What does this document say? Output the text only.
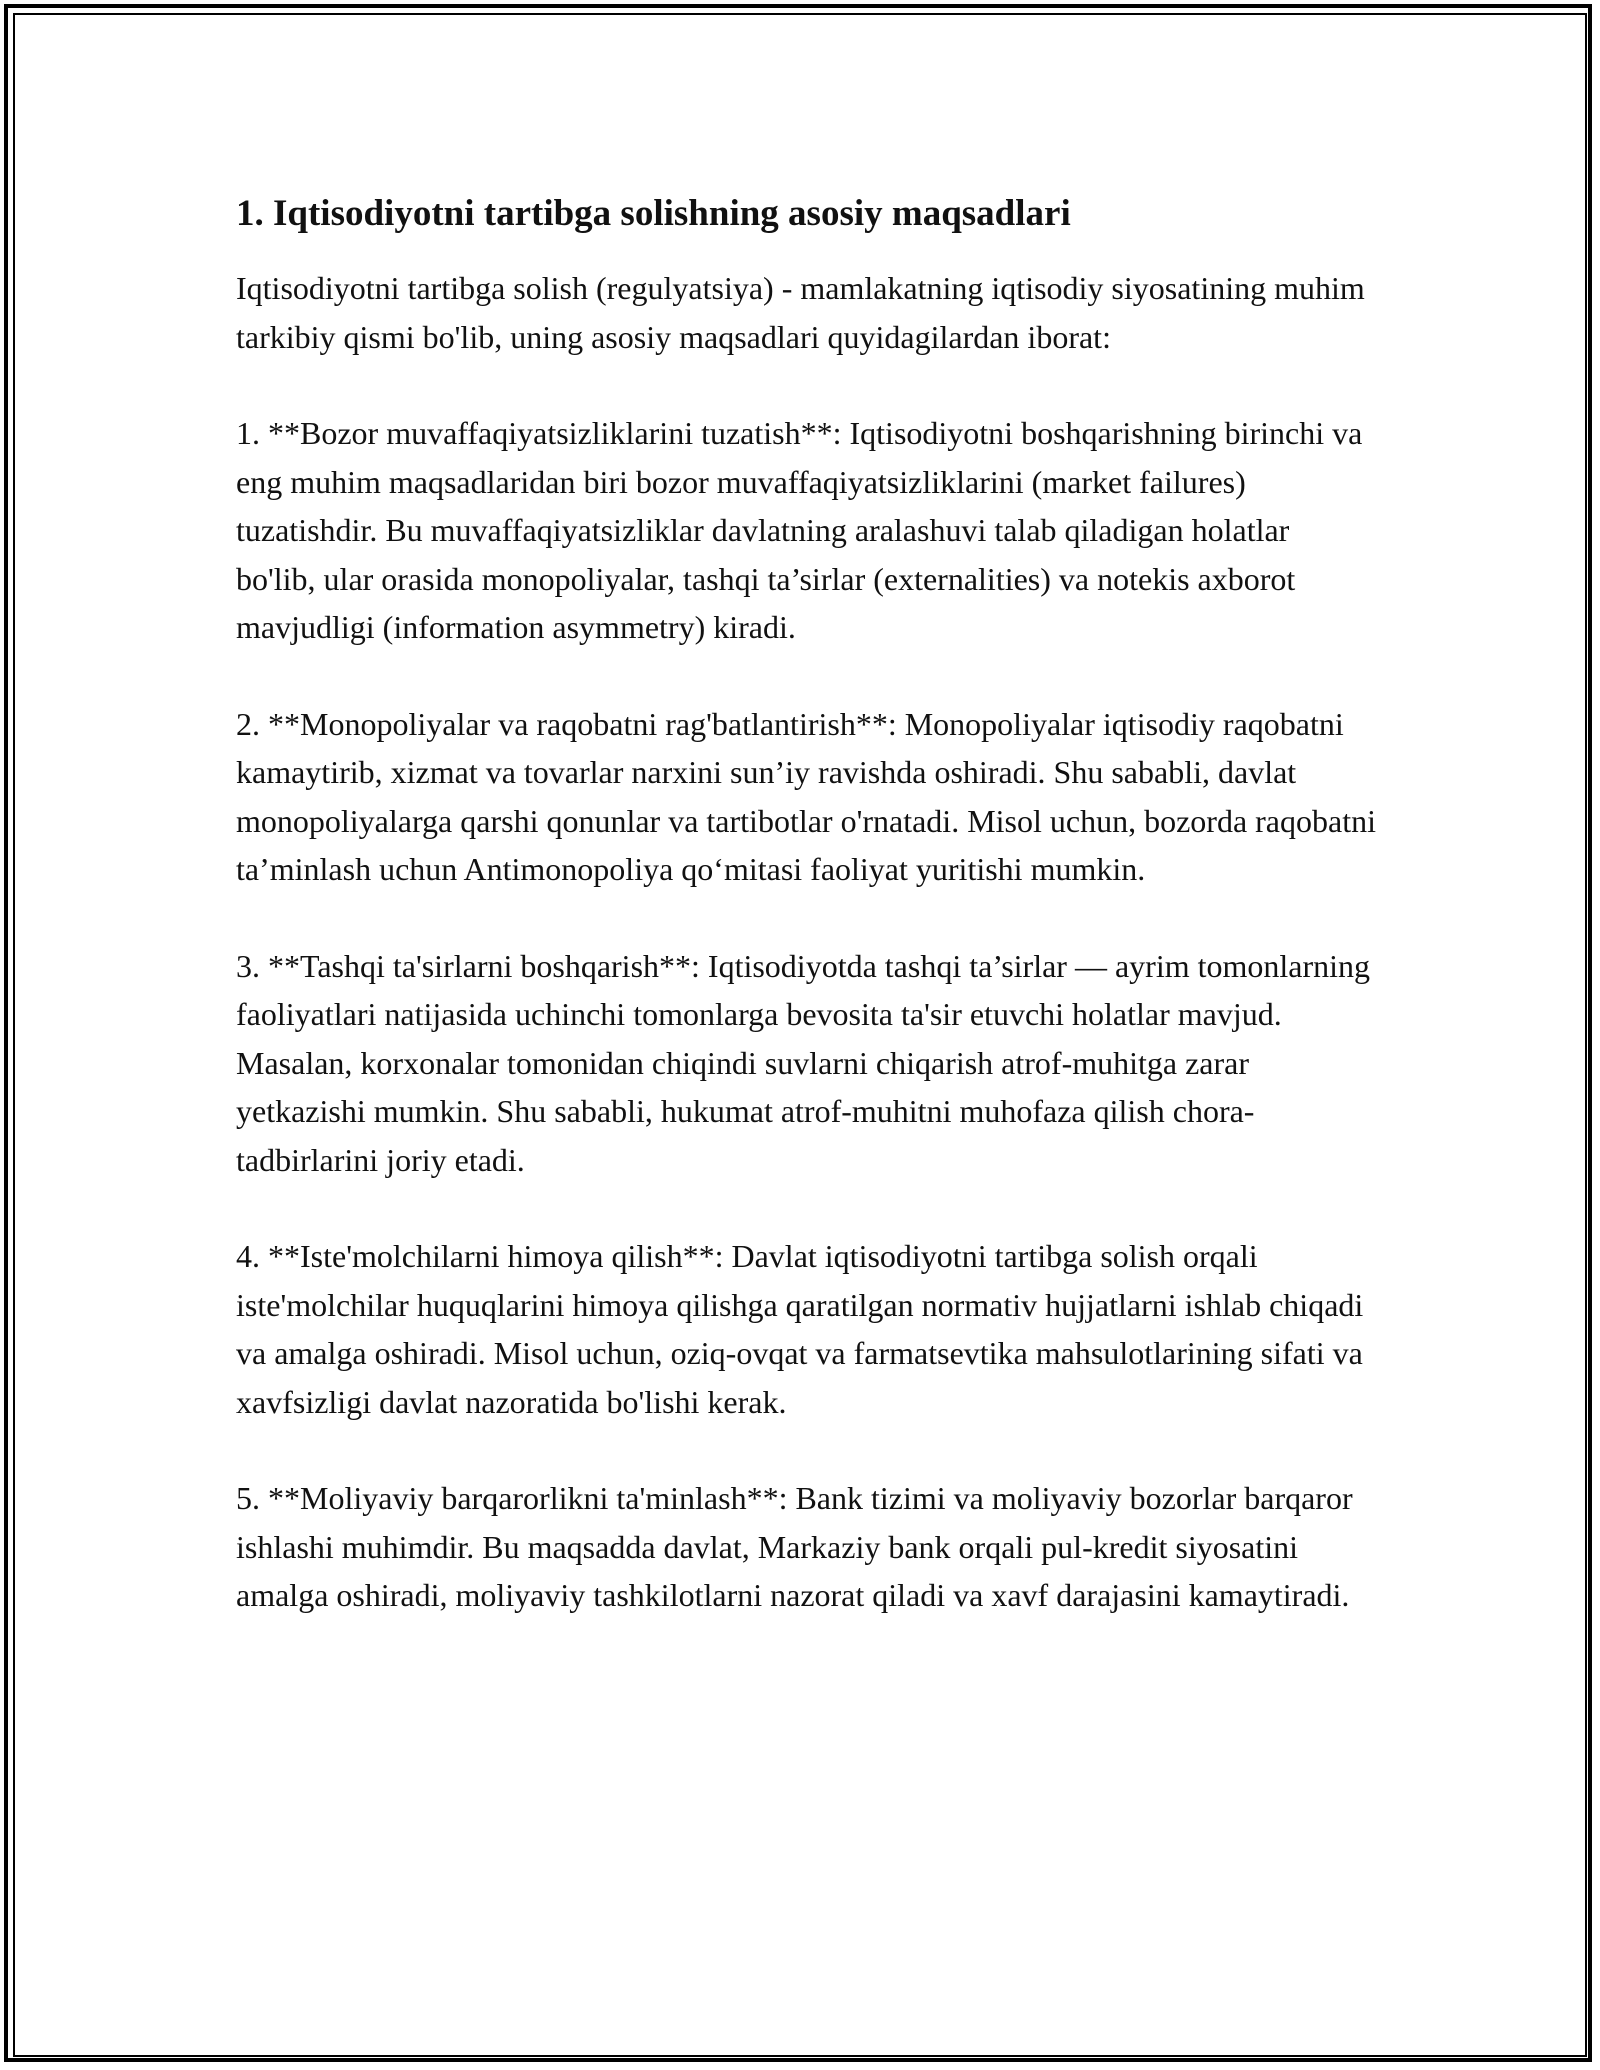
1. Iqtisodiyotni tartibga solishning asosiy maqsadlari

Iqtisodiyotni tartibga solish (regulyatsiya) - mamlakatning iqtisodiy siyosatining muhim tarkibiy qismi bo'lib, uning asosiy maqsadlari quyidagilardan iborat:

1. **Bozor muvaffaqiyatsizliklarini tuzatish**: Iqtisodiyotni boshqarishning birinchi va eng muhim maqsadlaridan biri bozor muvaffaqiyatsizliklarini (market failures) tuzatishdir. Bu muvaffaqiyatsizliklar davlatning aralashuvi talab qiladigan holatlar bo'lib, ular orasida monopoliyalar, tashqi ta’sirlar (externalities) va notekis axborot mavjudligi (information asymmetry) kiradi.

2. **Monopoliyalar va raqobatni rag'batlantirish**: Monopoliyalar iqtisodiy raqobatni kamaytirib, xizmat va tovarlar narxini sun’iy ravishda oshiradi. Shu sababli, davlat monopoliyalarga qarshi qonunlar va tartibotlar o'rnatadi. Misol uchun, bozorda raqobatni ta’minlash uchun Antimonopoliya qo‘mitasi faoliyat yuritishi mumkin.

3. **Tashqi ta'sirlarni boshqarish**: Iqtisodiyotda tashqi ta’sirlar — ayrim tomonlarning faoliyatlari natijasida uchinchi tomonlarga bevosita ta'sir etuvchi holatlar mavjud. Masalan, korxonalar tomonidan chiqindi suvlarni chiqarish atrof-muhitga zarar yetkazishi mumkin. Shu sababli, hukumat atrof-muhitni muhofaza qilish chora-tadbirlarini joriy etadi.

4. **Iste'molchilarni himoya qilish**: Davlat iqtisodiyotni tartibga solish orqali iste'molchilar huquqlarini himoya qilishga qaratilgan normativ hujjatlarni ishlab chiqadi va amalga oshiradi. Misol uchun, oziq-ovqat va farmatsevtika mahsulotlarining sifati va xavfsizligi davlat nazoratida bo'lishi kerak.

5. **Moliyaviy barqarorlikni ta'minlash**: Bank tizimi va moliyaviy bozorlar barqaror ishlashi muhimdir. Bu maqsadda davlat, Markaziy bank orqali pul-kredit siyosatini amalga oshiradi, moliyaviy tashkilotlarni nazorat qiladi va xavf darajasini kamaytiradi.
